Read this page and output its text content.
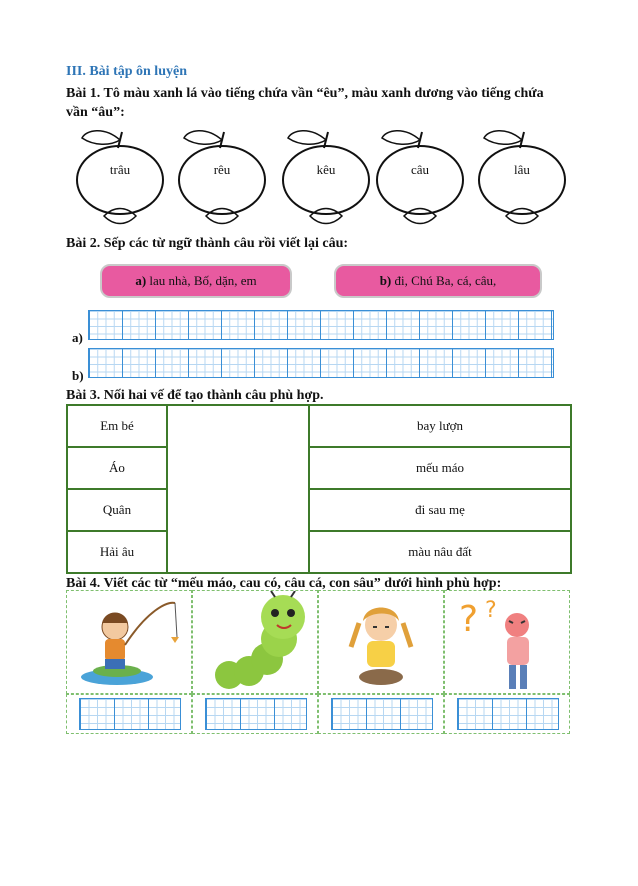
III. Bài tập ôn luyện
Bài 1. Tô màu xanh lá vào tiếng chứa vần “êu”, màu xanh dương vào tiếng chứa vần “âu”:
trâu	rêu	kêu	câu	lâu
Bài 2. Sếp các từ ngữ thành câu rồi viết lại câu:
a) lau nhà, Bố, dặn, em	b) đi, Chú Ba, cá, câu,
a)
b)
Bài 3. Nối hai vế để tạo thành câu phù hợp.
Em bé		bay lượn
Áo		mếu máo
Quân		đi sau mẹ
Hải âu		màu nâu đất
Bài 4. Viết các từ “mếu máo, cau có, câu cá, con sâu” dưới hình phù hợp:
? ?
